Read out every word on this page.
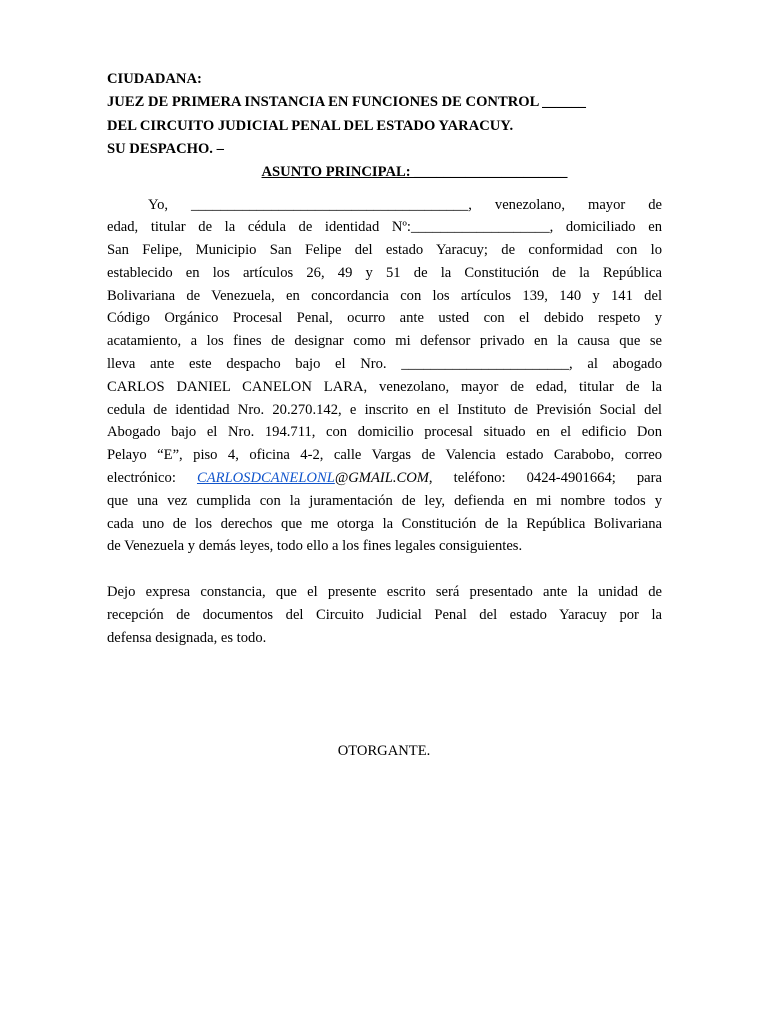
CIUDADANA:
JUEZ DE PRIMERA INSTANCIA EN FUNCIONES DE CONTROL ______
DEL CIRCUITO JUDICIAL PENAL DEL ESTADO YARACUY.
SU DESPACHO. –
ASUNTO PRINCIPAL: _____________________
Yo, ______________________________________, venezolano, mayor de
edad, titular de la cédula de identidad Nº:___________________, domiciliado en
San Felipe, Municipio San Felipe del estado Yaracuy; de conformidad con lo
establecido en los artículos 26, 49 y 51 de la Constitución de la República
Bolivariana de Venezuela, en concordancia con los artículos 139, 140 y 141 del
Código Orgánico Procesal Penal, ocurro ante usted con el debido respeto y
acatamiento, a los fines de designar como mi defensor privado en la causa que se
lleva ante este despacho bajo el Nro. _______________________, al abogado
CARLOS DANIEL CANELON LARA, venezolano, mayor de edad, titular de la
cedula de identidad Nro. 20.270.142, e inscrito en el Instituto de Previsión Social del
Abogado bajo el Nro. 194.711, con domicilio procesal situado en el edificio Don
Pelayo “E”, piso 4, oficina 4-2, calle Vargas de Valencia estado Carabobo, correo
electrónico: CARLOSDCANELONL@GMAIL.COM, teléfono: 0424-4901664; para
que una vez cumplida con la juramentación de ley, defienda en mi nombre todos y
cada uno de los derechos que me otorga la Constitución de la República Bolivariana
de Venezuela y demás leyes, todo ello a los fines legales consiguientes.
Dejo expresa constancia, que el presente escrito será presentado ante la unidad de
recepción de documentos del Circuito Judicial Penal del estado Yaracuy por la
defensa designada, es todo.
OTORGANTE.
